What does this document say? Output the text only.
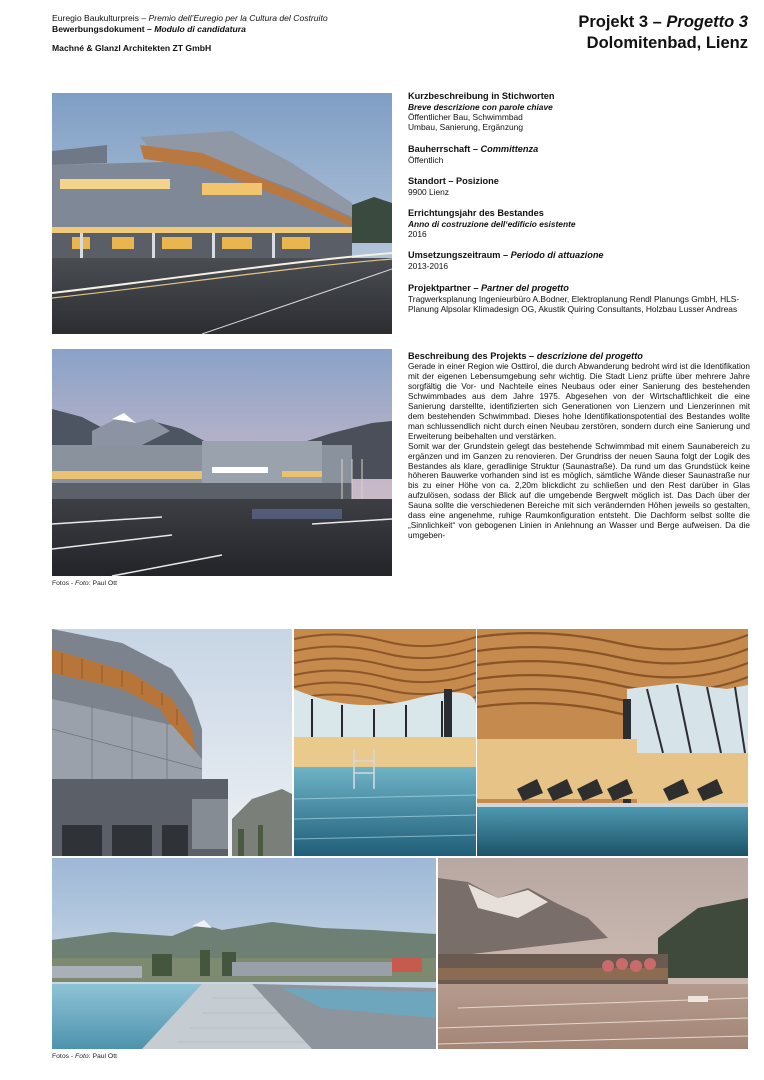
Euregio Baukulturpreis – Premio dell’Euregio per la Cultura del Costruito
Bewerbungsdokument – Modulo di candidatura
Machné & Glanzl Architekten ZT GmbH
Projekt 3 – Progetto 3
Dolomitenbad, Lienz
Kurzbeschreibung in Stichworten
Breve descrizione con parole chiave
Öffentlicher Bau, Schwimmbad
Umbau, Sanierung, Ergänzung
Bauherrschaft – Committenza
Öffentlich
Standort – Posizione
9900 Lienz
Errichtungsjahr des Bestandes
Anno di costruzione dell‘edificio esistente
2016
Umsetzungszeitraum – Periodo di attuazione
2013-2016
Projektpartner – Partner del progetto
Tragwerksplanung Ingenieurbüro A.Bodner, Elektroplanung Rendl Planungs GmbH, HLS-Planung Alpsolar Klimadesign OG, Akustik Quiring Consultants, Holzbau Lusser Andreas
Beschreibung des Projekts – descrizione del progetto

Gerade in einer Region wie Osttirol, die durch Abwanderung bedroht wird ist die Identifikation mit der eigenen Lebensumgebung sehr wichtig. Die Stadt Lienz prüfte über mehrere Jahre sorgfältig die Vor- und Nachteile eines Neubaus oder einer Sanierung des bestehenden Schwimmbades aus dem Jahre 1975. Abgesehen von der Wirtschaftlichkeit die eine Sanierung darstellte, identifizierten sich Generationen von Lienzern und Lienzerinnen mit dem bestehenden Schwimmbad. Dieses hohe Identifikationspotential des Bestandes wollte man schlussendlich nicht durch einen Neubau zerstören, sondern durch eine Sanierung und Erweiterung beibehalten und verstärken.

Somit war der Grundstein gelegt das bestehende Schwimmbad mit einem Saunabereich zu ergänzen und im Ganzen zu renovieren. Der Grundriss der neuen Sauna folgt der Logik des Bestandes als klare, geradlinige Struktur (Saunastraße). Da rund um das Grundstück keine höheren Bauwerke vorhanden sind ist es möglich, sämtliche Wände dieser Saunastraße nur bis zu einer Höhe von ca. 2,20m blickdicht zu schließen und den Rest darüber in Glas aufzulösen, sodass der Blick auf die umgebende Bergwelt möglich ist. Das Dach über der Sauna sollte die verschiedenen Bereiche mit sich verändernden Höhen jeweils so gestalten, dass eine angenehme, ruhige Raumkonfiguration entsteht. Die Dachform selbst sollte die „Sinnlichkeit“ von gebogenen Linien in Anlehnung an Wasser und Berge aufweisen. Da die umgeben-

Fotos - Foto: Paul Ott
Fotos - Foto: Paul Ott
